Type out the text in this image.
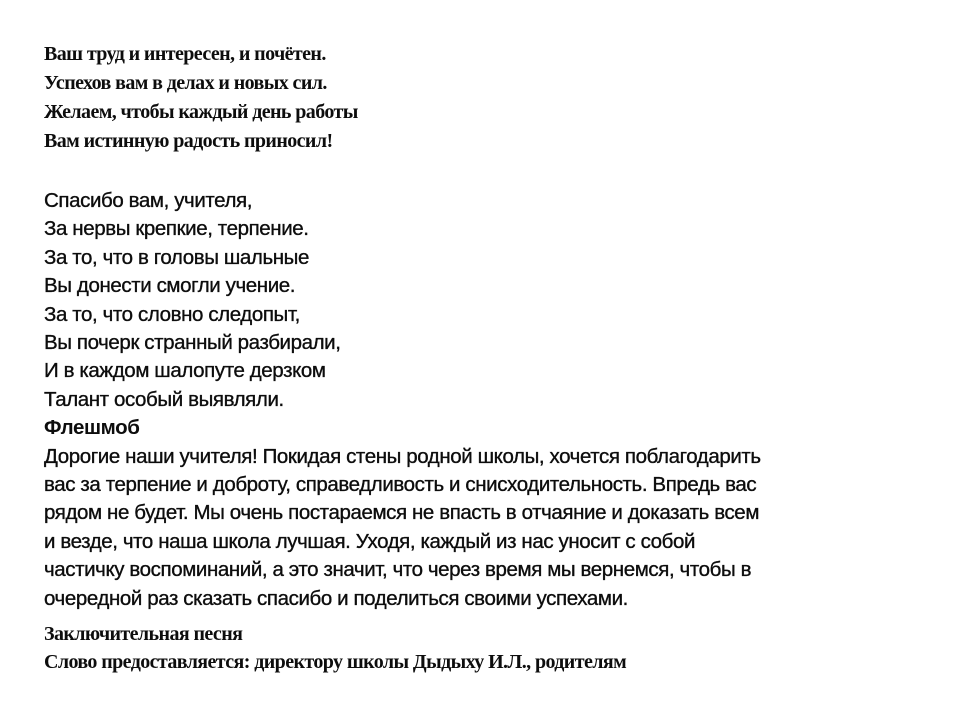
Ваш труд и интересен, и почётен.
Успехов вам в делах и новых сил.
Желаем, чтобы каждый день работы
Вам истинную радость приносил!
Спасибо вам, учителя,
За нервы крепкие, терпение.
За то, что в головы шальные
Вы донести смогли учение.
За то, что словно следопыт,
Вы почерк странный разбирали,
И в каждом шалопуте дерзком
Талант особый выявляли.
Флешмоб
Дорогие наши учителя! Покидая стены родной школы, хочется поблагодарить
вас за терпение и доброту, справедливость и снисходительность. Впредь вас
рядом не будет. Мы очень постараемся не впасть в отчаяние и доказать всем
и везде, что наша школа лучшая. Уходя, каждый из нас уносит с собой
частичку воспоминаний, а это значит, что через время мы вернемся, чтобы в
очередной раз сказать спасибо и поделиться своими успехами.
Заключительная песня
Слово предоставляется: директору школы Дыдыху И.Л., родителям
